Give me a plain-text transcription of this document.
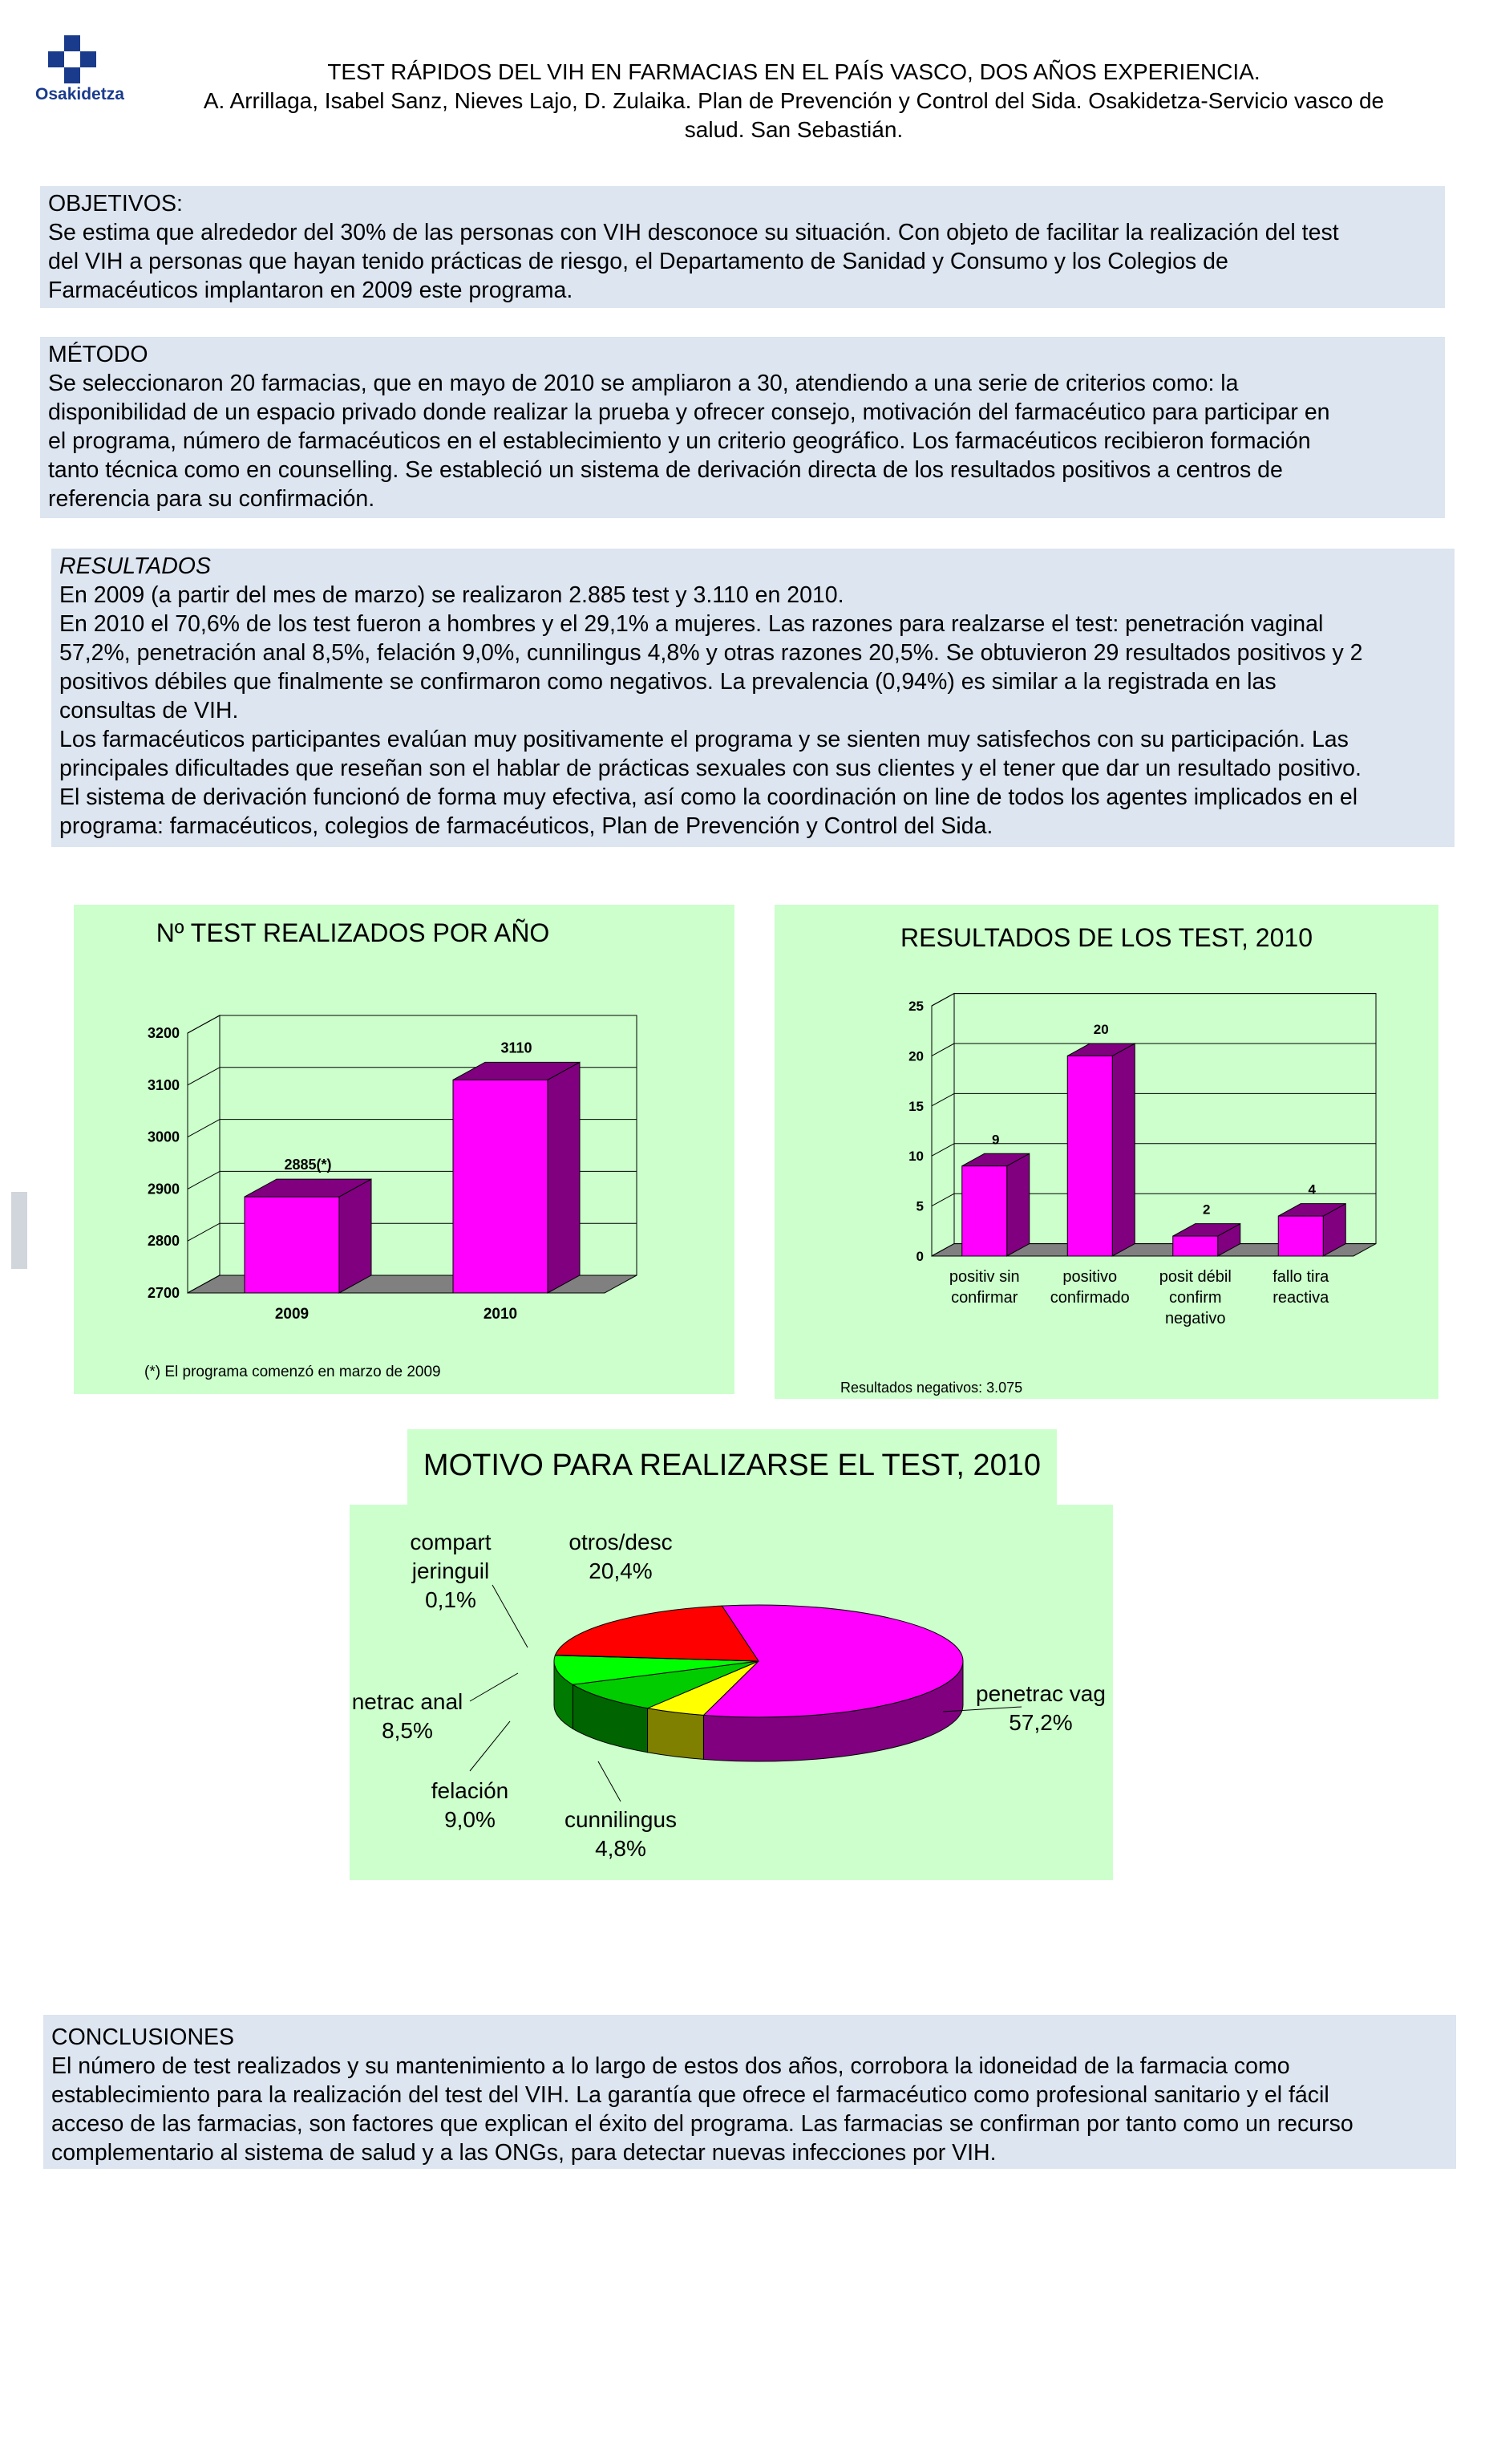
Osakidetza
TEST RÁPIDOS DEL VIH EN FARMACIAS EN EL PAÍS VASCO, DOS AÑOS EXPERIENCIA.
A. Arrillaga, Isabel Sanz, Nieves Lajo, D. Zulaika. Plan de Prevención y Control del Sida. Osakidetza-Servicio vasco de
salud. San Sebastián.
OBJETIVOS:

Se estima que alrededor del 30% de las personas con VIH desconoce su situación. Con objeto de facilitar la realización del test

del VIH a personas que hayan tenido prácticas de riesgo, el Departamento de Sanidad y Consumo y los Colegios de

Farmacéuticos implantaron en 2009 este programa.

MÉTODO

Se seleccionaron 20 farmacias, que en mayo de 2010 se ampliaron a 30, atendiendo a una serie de criterios como: la

disponibilidad de un espacio privado donde realizar la prueba y ofrecer consejo, motivación del farmacéutico para participar en

el programa, número de farmacéuticos en el establecimiento y un criterio geográfico. Los farmacéuticos recibieron formación

tanto técnica como en counselling. Se estableció un sistema de derivación directa de los resultados positivos a centros de

referencia para su confirmación.

RESULTADOS

En 2009 (a partir del mes de marzo) se realizaron 2.885 test y 3.110 en 2010.

En 2010 el 70,6% de los test fueron a hombres y el 29,1% a mujeres. Las razones para realzarse el test: penetración vaginal

57,2%, penetración anal 8,5%, felación 9,0%, cunnilingus 4,8% y otras razones 20,5%. Se obtuvieron 29 resultados positivos y 2

positivos débiles que finalmente se confirmaron como negativos. La prevalencia (0,94%) es similar a la registrada en las

consultas de VIH.

Los farmacéuticos participantes evalúan muy positivamente el programa y se sienten muy satisfechos con su participación. Las

principales dificultades que reseñan son el hablar de prácticas sexuales con sus clientes y el tener que dar un resultado positivo.

El sistema de derivación funcionó de forma muy efectiva, así como la coordinación on line de todos los agentes implicados en el

programa: farmacéuticos, colegios de farmacéuticos, Plan de Prevención y Control del Sida.

Nº TEST REALIZADOS POR AÑO
2700
2800
2900
3000
3100
3200
2885(*)
2009
3110
2010
(*) El programa comenzó en marzo de 2009
RESULTADOS DE LOS TEST, 2010
0
5
10
15
20
25
9
positiv sin
confirmar
20
positivo
confirmado
2
posit débil
confirm
negativo
4
fallo tira
reactiva
Resultados negativos: 3.075
MOTIVO PARA REALIZARSE EL TEST, 2010
penetrac vag
57,2%
cunnilingus
4,8%
felación
9,0%
netrac anal
8,5%
compart
jeringuil
0,1%
otros/desc
20,4%
CONCLUSIONES

El número de test realizados y su mantenimiento a lo largo de estos dos años, corrobora la idoneidad de la farmacia como

establecimiento para la realización del test del VIH. La garantía que ofrece el farmacéutico como profesional sanitario y el fácil

acceso de las farmacias, son factores que explican el éxito del programa. Las farmacias se confirman por tanto como un recurso

complementario al sistema de salud y a las ONGs, para detectar nuevas infecciones por VIH.
